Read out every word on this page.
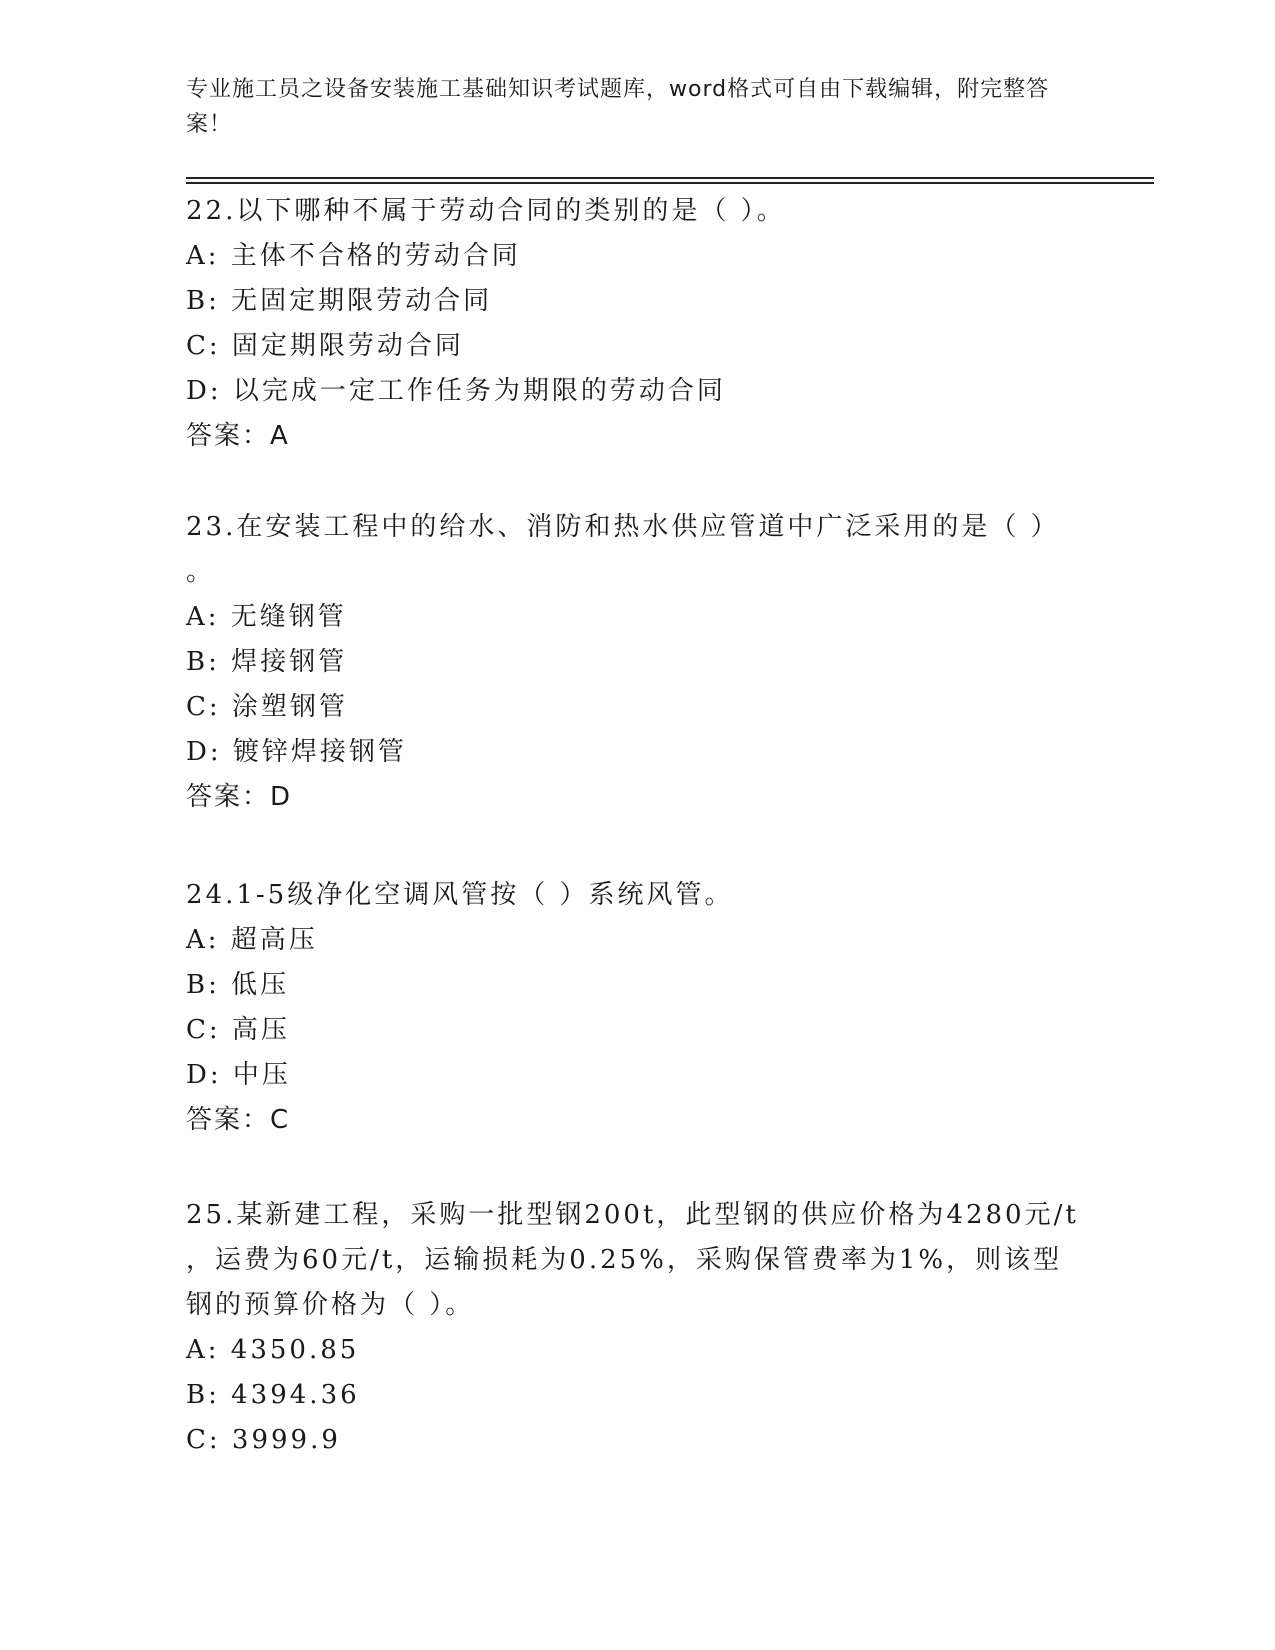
专业施工员之设备安装施工基础知识考试题库，word格式可自由下载编辑，附完整答案！
22.以下哪种不属于劳动合同的类别的是（ ）。
A: 主体不合格的劳动合同
B: 无固定期限劳动合同
C: 固定期限劳动合同
D: 以完成一定工作任务为期限的劳动合同
答案：A
23.在安装工程中的给水、消防和热水供应管道中广泛采用的是（ ）
。
A: 无缝钢管
B: 焊接钢管
C: 涂塑钢管
D: 镀锌焊接钢管
答案：D
24.1-5级净化空调风管按（ ）系统风管。
A: 超高压
B: 低压
C: 高压
D: 中压
答案：C
25.某新建工程，采购一批型钢200t，此型钢的供应价格为4280元/t
，运费为60元/t，运输损耗为0.25%，采购保管费率为1%，则该型
钢的预算价格为（ ）。
A: 4350.85
B: 4394.36
C: 3999.9
